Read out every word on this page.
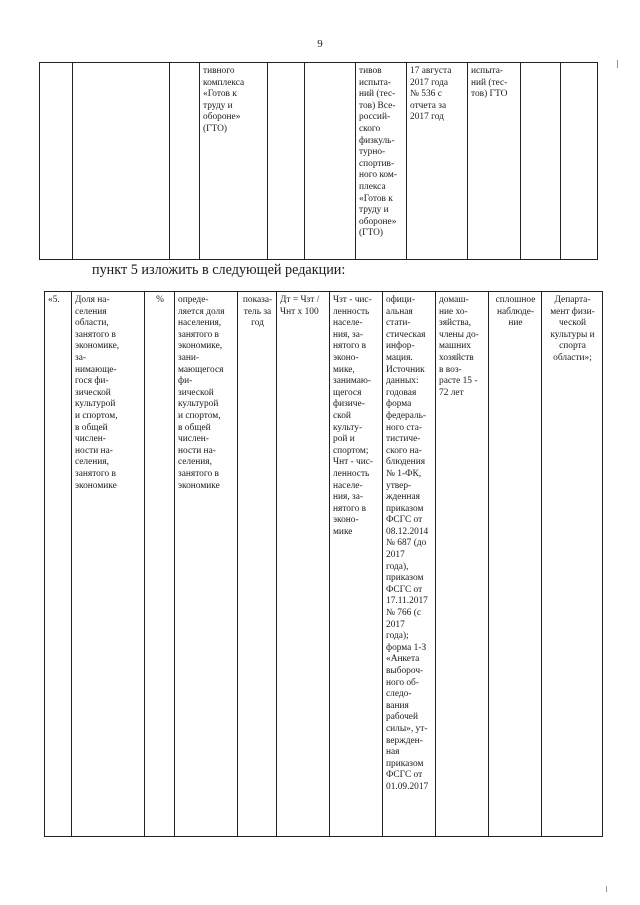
9
			тивного
комплекса
«Готов к
труду и
обороне»
(ГТО)			тивов
испыта-
ний (тес-
тов) Все-
россий-
ского
физкуль-
турно-
спортив-
ного ком-
плекса
«Готов к
труду и
обороне»
(ГТО)	17 августа
2017 года
№ 536 с
отчета за
2017 год	испыта-
ний (тес-
тов) ГТО		
пункт 5 изложить в следующей редакции:
«5.	Доля на-
селения
области,
занятого в
экономике,
за-
нимающе-
гося фи-
зической
культурой
и спортом,
в общей
числен-
ности на-
селения,
занятого в
экономике	%	опреде-
ляется доля
населения,
занятого в
экономике,
зани-
мающегося
фи-
зической
культурой
и спортом,
в общей
числен-
ности на-
селения,
занятого в
экономике	показа-
тель за
год	Дт = Чзт /
Чнт х 100	Чзт - чис-
ленность
населе-
ния, за-
нятого в
эконо-
мике,
занимаю-
щегося
физиче-
ской
культу-
рой и
спортом;
Чнт - чис-
ленность
населе-
ния, за-
нятого в
эконо-
мике	офици-
альная
стати-
стическая
инфор-
мация.
Источник
данных:
годовая
форма
федераль-
ного ста-
тистиче-
ского на-
блюдения
№ 1-ФК,
утвер-
жденная
приказом
ФСГС от
08.12.2014
№ 687 (до
2017
года),
приказом
ФСГС от
17.11.2017
№ 766 (с
2017
года);
форма 1-З
«Анкета
выбороч-
ного об-
следо-
вания
рабочей
силы», ут-
вержден-
ная
приказом
ФСГС от
01.09.2017	домаш-
ние хо-
зяйства,
члены до-
машних
хозяйств
в воз-
расте 15 -
72 лет	сплошное
наблюде-
ние	Департа-
мент физи-
ческой
культуры и
спорта
области»;
